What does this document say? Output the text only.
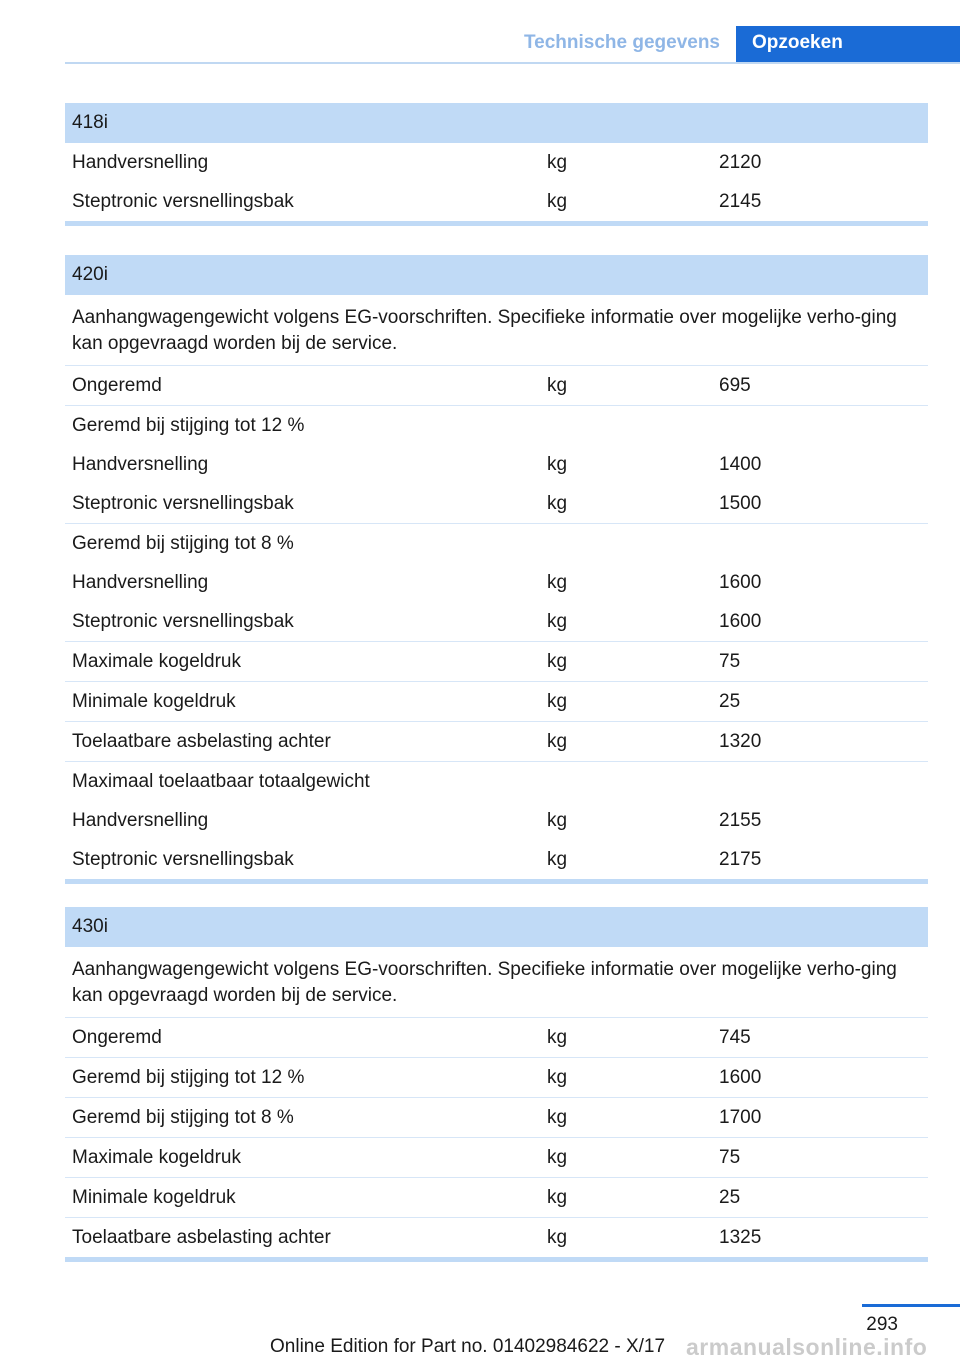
Technische gegevens	Opzoeken
418i
Handversnelling	kg	2120
Steptronic versnellingsbak	kg	2145
420i
Aanhangwagengewicht volgens EG-voorschriften. Specifieke informatie over mogelijke verho-ging kan opgevraagd worden bij de service.
Ongeremd	kg	695
Geremd bij stijging tot 12 %
Handversnelling	kg	1400
Steptronic versnellingsbak	kg	1500
Geremd bij stijging tot 8 %
Handversnelling	kg	1600
Steptronic versnellingsbak	kg	1600
Maximale kogeldruk	kg	75
Minimale kogeldruk	kg	25
Toelaatbare asbelasting achter	kg	1320
Maximaal toelaatbaar totaalgewicht
Handversnelling	kg	2155
Steptronic versnellingsbak	kg	2175
430i
Aanhangwagengewicht volgens EG-voorschriften. Specifieke informatie over mogelijke verho-ging kan opgevraagd worden bij de service.
Ongeremd	kg	745
Geremd bij stijging tot 12 %	kg	1600
Geremd bij stijging tot 8 %	kg	1700
Maximale kogeldruk	kg	75
Minimale kogeldruk	kg	25
Toelaatbare asbelasting achter	kg	1325
293
Online Edition for Part no. 01402984622 - X/17 armanualsonline.info
